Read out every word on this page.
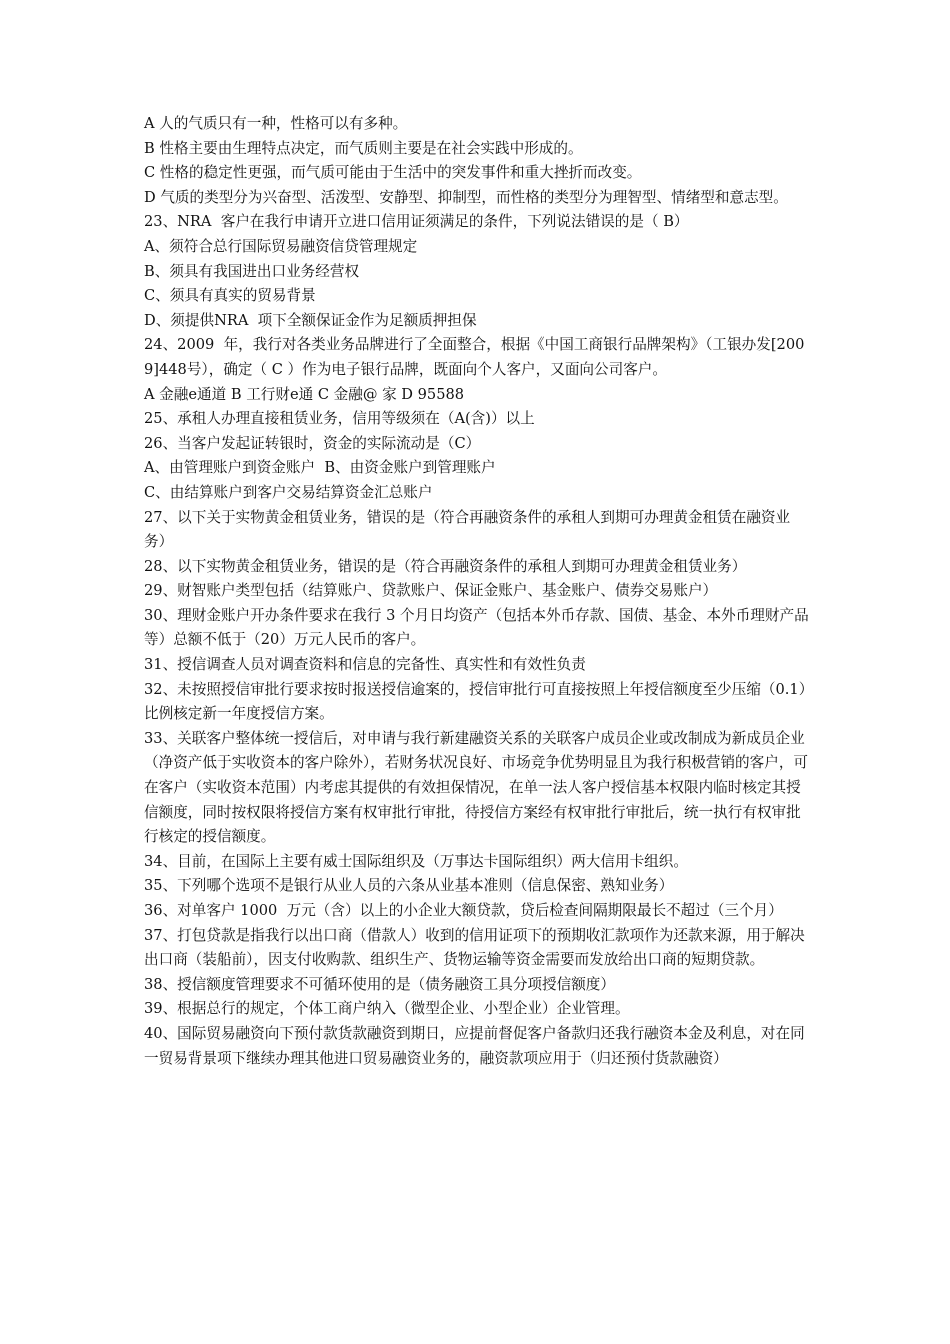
A 人的气质只有一种，性格可以有多种。

B 性格主要由生理特点决定，而气质则主要是在社会实践中形成的。

C 性格的稳定性更强，而气质可能由于生活中的突发事件和重大挫折而改变。

D 气质的类型分为兴奋型、活泼型、安静型、抑制型，而性格的类型分为理智型、情绪型和意志型。

23、NRA  客户在我行申请开立进口信用证须满足的条件，下列说法错误的是（ B）

A、须符合总行国际贸易融资信贷管理规定

B、须具有我国进出口业务经营权

C、须具有真实的贸易背景

D、须提供NRA  项下全额保证金作为足额质押担保

24、2009  年，我行对各类业务品牌进行了全面整合，根据《中国工商银行品牌架构》（工银办发[2009]448号），确定（ C ）作为电子银行品牌，既面向个人客户，又面向公司客户。

A 金融e通道 B 工行财e通 C 金融@ 家 D 95588

25、承租人办理直接租赁业务，信用等级须在（A(含)）以上

26、当客户发起证转银时，资金的实际流动是（C）

A、由管理账户到资金账户  B、由资金账户到管理账户

C、由结算账户到客户交易结算资金汇总账户

27、以下关于实物黄金租赁业务，错误的是（符合再融资条件的承租人到期可办理黄金租赁在融资业务）

28、以下实物黄金租赁业务，错误的是（符合再融资条件的承租人到期可办理黄金租赁业务）

29、财智账户类型包括（结算账户、贷款账户、保证金账户、基金账户、债券交易账户）

30、理财金账户开办条件要求在我行 3 个月日均资产（包括本外币存款、国债、基金、本外币理财产品等）总额不低于（20）万元人民币的客户。

31、授信调查人员对调查资料和信息的完备性、真实性和有效性负责

32、未按照授信审批行要求按时报送授信逾案的，授信审批行可直接按照上年授信额度至少压缩（0.1）比例核定新一年度授信方案。

33、关联客户整体统一授信后，对申请与我行新建融资关系的关联客户成员企业或改制成为新成员企业（净资产低于实收资本的客户除外），若财务状况良好、市场竞争优势明显且为我行积极营销的客户，可在客户（实收资本范围）内考虑其提供的有效担保情况，在单一法人客户授信基本权限内临时核定其授信额度，同时按权限将授信方案有权审批行审批，待授信方案经有权审批行审批后，统一执行有权审批行核定的授信额度。

34、目前，在国际上主要有威士国际组织及（万事达卡国际组织）两大信用卡组织。

35、下列哪个选项不是银行从业人员的六条从业基本准则（信息保密、熟知业务）

36、对单客户 1000  万元（含）以上的小企业大额贷款，贷后检查间隔期限最长不超过（三个月）

37、打包贷款是指我行以出口商（借款人）收到的信用证项下的预期收汇款项作为还款来源，用于解决出口商（装船前），因支付收购款、组织生产、货物运输等资金需要而发放给出口商的短期贷款。

38、授信额度管理要求不可循环使用的是（债务融资工具分项授信额度）

39、根据总行的规定，个体工商户纳入（微型企业、小型企业）企业管理。

40、国际贸易融资向下预付款货款融资到期日，应提前督促客户备款归还我行融资本金及利息，对在同一贸易背景项下继续办理其他进口贸易融资业务的，融资款项应用于（归还预付货款融资）
